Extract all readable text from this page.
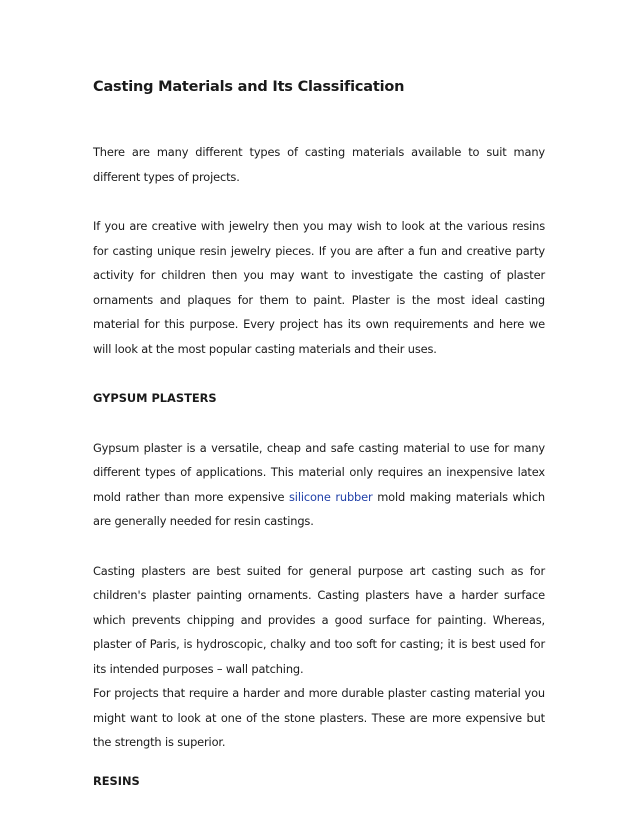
Casting Materials and Its Classification

There are many different types of casting materials available to suit many different types of projects.

If you are creative with jewelry then you may wish to look at the various resins for casting unique resin jewelry pieces. If you are after a fun and creative party activity for children then you may want to investigate the casting of plaster ornaments and plaques for them to paint. Plaster is the most ideal casting material for this purpose. Every project has its own requirements and here we will look at the most popular casting materials and their uses.

GYPSUM PLASTERS

Gypsum plaster is a versatile, cheap and safe casting material to use for many different types of applications. This material only requires an inexpensive latex mold rather than more expensive silicone rubber mold making materials which are generally needed for resin castings.

Casting plasters are best suited for general purpose art casting such as for children's plaster painting ornaments. Casting plasters have a harder surface which prevents chipping and provides a good surface for painting. Whereas, plaster of Paris, is hydroscopic, chalky and too soft for casting; it is best used for its intended purposes – wall patching.

For projects that require a harder and more durable plaster casting material you might want to look at one of the stone plasters. These are more expensive but the strength is superior.

RESINS
